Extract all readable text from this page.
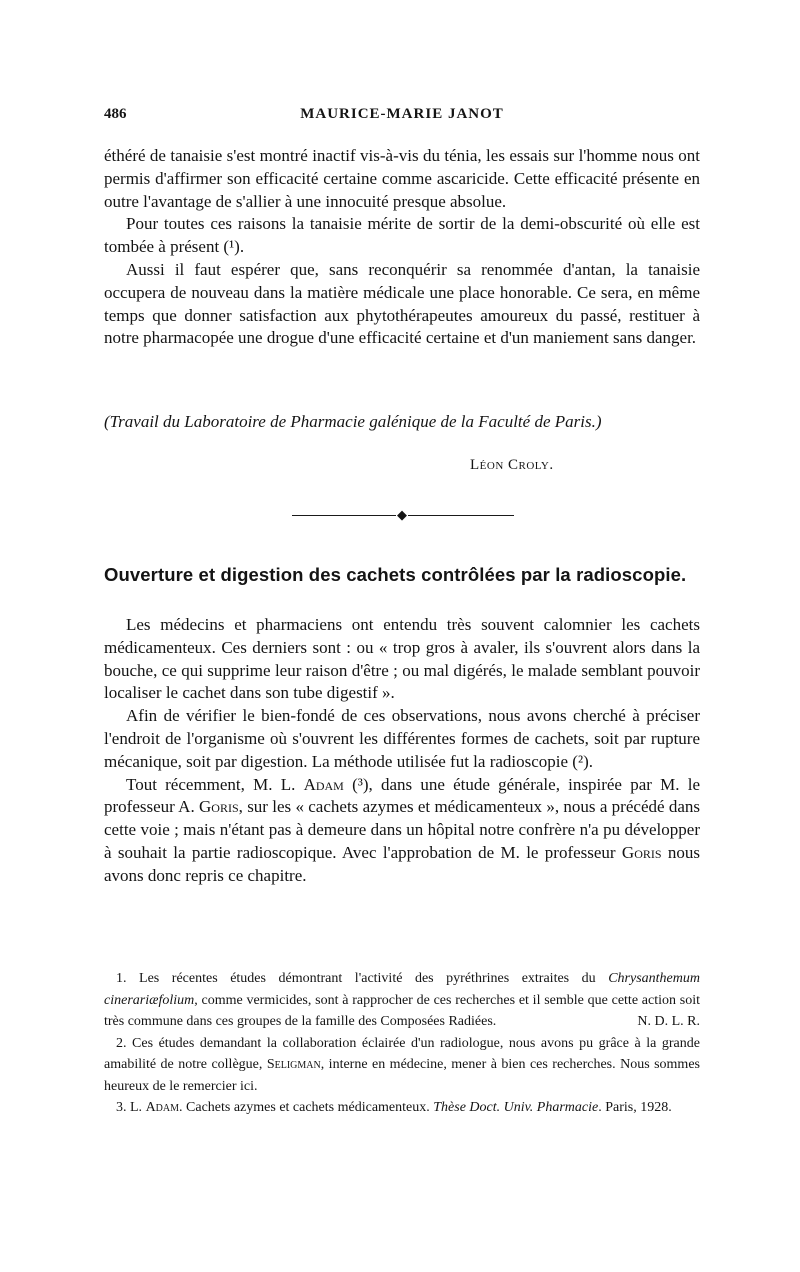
486	MAURICE-MARIE JANOT

éthéré de tanaisie s'est montré inactif vis-à-vis du ténia, les essais sur l'homme nous ont permis d'affirmer son efficacité certaine comme ascaricide. Cette efficacité présente en outre l'avantage de s'allier à une innocuité presque absolue.

Pour toutes ces raisons la tanaisie mérite de sortir de la demi-obscurité où elle est tombée à présent (¹).

Aussi il faut espérer que, sans reconquérir sa renommée d'antan, la tanaisie occupera de nouveau dans la matière médicale une place honorable. Ce sera, en même temps que donner satisfaction aux phytothérapeutes amoureux du passé, restituer à notre pharmacopée une drogue d'une efficacité certaine et d'un maniement sans danger.

(Travail du Laboratoire de Pharmacie galénique de la Faculté de Paris.)
Léon Croly.
◆
Ouverture et digestion des cachets contrôlées par la radioscopie.

Les médecins et pharmaciens ont entendu très souvent calomnier les cachets médicamenteux. Ces derniers sont : ou « trop gros à avaler, ils s'ouvrent alors dans la bouche, ce qui supprime leur raison d'être ; ou mal digérés, le malade semblant pouvoir localiser le cachet dans son tube digestif ».

Afin de vérifier le bien-fondé de ces observations, nous avons cherché à préciser l'endroit de l'organisme où s'ouvrent les différentes formes de cachets, soit par rupture mécanique, soit par digestion. La méthode utilisée fut la radioscopie (²).

Tout récemment, M. L. Adam (³), dans une étude générale, inspirée par M. le professeur A. Goris, sur les « cachets azymes et médicamenteux », nous a précédé dans cette voie ; mais n'étant pas à demeure dans un hôpital notre confrère n'a pu développer à souhait la partie radioscopique. Avec l'approbation de M. le professeur Goris nous avons donc repris ce chapitre.

1. Les récentes études démontrant l'activité des pyréthrines extraites du Chrysanthemum cinerariæfolium, comme vermicides, sont à rapprocher de ces recherches et il semble que cette action soit très commune dans ces groupes de la famille des Composées Radiées.	N. D. L. R.

2. Ces études demandant la collaboration éclairée d'un radiologue, nous avons pu grâce à la grande amabilité de notre collègue, Seligman, interne en médecine, mener à bien ces recherches. Nous sommes heureux de le remercier ici.

3. L. Adam. Cachets azymes et cachets médicamenteux. Thèse Doct. Univ. Pharmacie. Paris, 1928.
